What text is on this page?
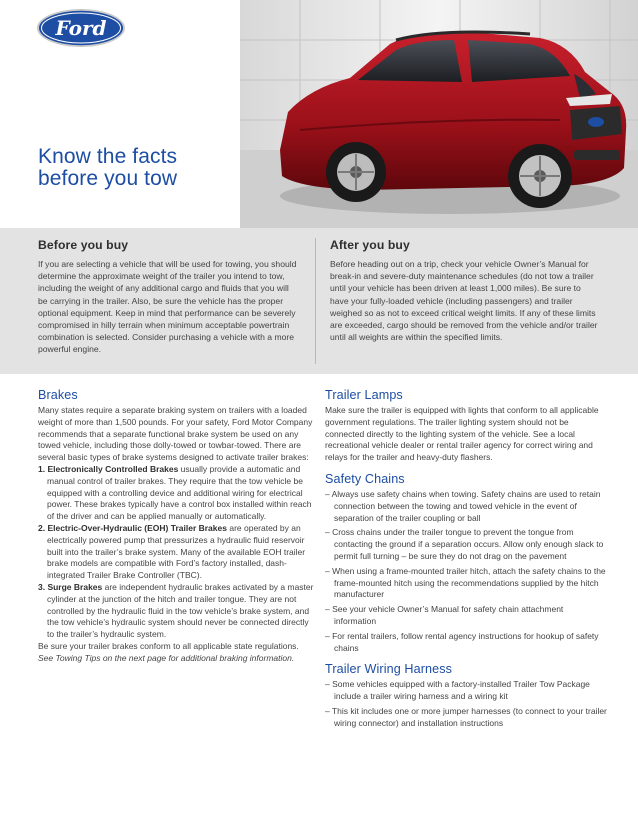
Ford
Know the facts before you tow
Before you buy

If you are selecting a vehicle that will be used for towing, you should determine the approximate weight of the trailer you intend to tow, including the weight of any additional cargo and fluids that you will be carrying in the trailer. Also, be sure the vehicle has the proper optional equipment. Keep in mind that performance can be severely compromised in hilly terrain when minimum acceptable powertrain combination is selected. Consider purchasing a vehicle with a more powerful engine.

After you buy

Before heading out on a trip, check your vehicle Owner’s Manual for break-in and severe-duty maintenance schedules (do not tow a trailer until your vehicle has been driven at least 1,000 miles). Be sure to have your fully-loaded vehicle (including passengers) and trailer weighed so as not to exceed critical weight limits. If any of these limits are exceeded, cargo should be removed from the vehicle and/or trailer until all weights are within the specified limits.

Brakes

Many states require a separate braking system on trailers with a loaded weight of more than 1,500 pounds. For your safety, Ford Motor Company recommends that a separate functional brake system be used on any towed vehicle, including those dolly-towed or towbar-towed. There are several basic types of brake systems designed to activate trailer brakes:

1. Electronically Controlled Brakes usually provide a automatic and manual control of trailer brakes. They require that the tow vehicle be equipped with a controlling device and additional wiring for electrical power. These brakes typically have a control box installed within reach of the driver and can be applied manually or automatically.
2. Electric-Over-Hydraulic (EOH) Trailer Brakes are operated by an electrically powered pump that pressurizes a hydraulic fluid reservoir built into the trailer’s brake system. Many of the available EOH trailer brake models are compatible with Ford’s factory installed, dash-integrated Trailer Brake Controller (TBC).
3. Surge Brakes are independent hydraulic brakes activated by a master cylinder at the junction of the hitch and trailer tongue. They are not controlled by the hydraulic fluid in the tow vehicle’s brake system, and the tow vehicle’s hydraulic system should never be connected directly to the trailer’s hydraulic system.

Be sure your trailer brakes conform to all applicable state regulations. See Towing Tips on the next page for additional braking information.

Trailer Lamps

Make sure the trailer is equipped with lights that conform to all applicable government regulations. The trailer lighting system should not be connected directly to the lighting system of the vehicle. See a local recreational vehicle dealer or rental trailer agency for correct wiring and relays for the trailer and heavy-duty flashers.

Safety Chains
– Always use safety chains when towing. Safety chains are used to retain connection between the towing and towed vehicle in the event of separation of the trailer coupling or ball
– Cross chains under the trailer tongue to prevent the tongue from contacting the ground if a separation occurs. Allow only enough slack to permit full turning – be sure they do not drag on the pavement
– When using a frame-mounted trailer hitch, attach the safety chains to the frame-mounted hitch using the recommendations supplied by the hitch manufacturer
– See your vehicle Owner’s Manual for safety chain attachment information
– For rental trailers, follow rental agency instructions for hookup of safety chains
Trailer Wiring Harness
– Some vehicles equipped with a factory-installed Trailer Tow Package include a trailer wiring harness and a wiring kit
– This kit includes one or more jumper harnesses (to connect to your trailer wiring connector) and installation instructions
